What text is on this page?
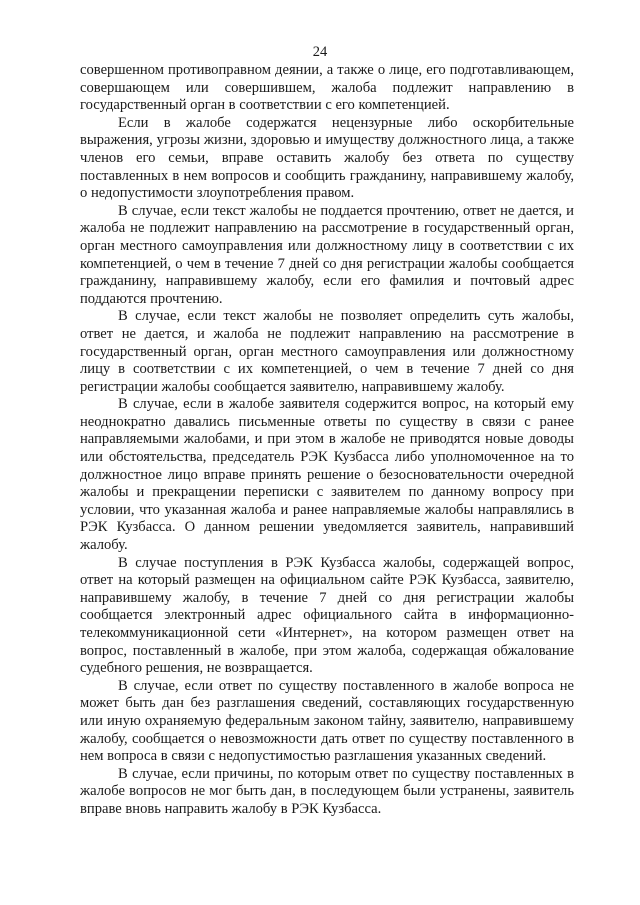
24

совершенном противоправном деянии, а также о лице, его подготавливающем, совершающем или совершившем, жалоба подлежит направлению в государственный орган в соответствии с его компетенцией.

Если в жалобе содержатся нецензурные либо оскорбительные выражения, угрозы жизни, здоровью и имуществу должностного лица, а также членов его семьи, вправе оставить жалобу без ответа по существу поставленных в нем вопросов и сообщить гражданину, направившему жалобу, о недопустимости злоупотребления правом.

В случае, если текст жалобы не поддается прочтению, ответ не дается, и жалоба не подлежит направлению на рассмотрение в государственный орган, орган местного самоуправления или должностному лицу в соответствии с их компетенцией, о чем в течение 7 дней со дня регистрации жалобы сообщается гражданину, направившему жалобу, если его фамилия и почтовый адрес поддаются прочтению.

В случае, если текст жалобы не позволяет определить суть жалобы, ответ не дается, и жалоба не подлежит направлению на рассмотрение в государственный орган, орган местного самоуправления или должностному лицу в соответствии с их компетенцией, о чем в течение 7 дней со дня регистрации жалобы сообщается заявителю, направившему жалобу.

В случае, если в жалобе заявителя содержится вопрос, на который ему неоднократно давались письменные ответы по существу в связи с ранее направляемыми жалобами, и при этом в жалобе не приводятся новые доводы или обстоятельства, председатель РЭК Кузбасса либо уполномоченное на то должностное лицо вправе принять решение о безосновательности очередной жалобы и прекращении переписки с заявителем по данному вопросу при условии, что указанная жалоба и ранее направляемые жалобы направлялись в РЭК Кузбасса. О данном решении уведомляется заявитель, направивший жалобу.

В случае поступления в РЭК Кузбасса жалобы, содержащей вопрос, ответ на который размещен на официальном сайте РЭК Кузбасса, заявителю, направившему жалобу, в течение 7 дней со дня регистрации жалобы сообщается электронный адрес официального сайта в информационно-телекоммуникационной сети «Интернет», на котором размещен ответ на вопрос, поставленный в жалобе, при этом жалоба, содержащая обжалование судебного решения, не возвращается.

В случае, если ответ по существу поставленного в жалобе вопроса не может быть дан без разглашения сведений, составляющих государственную или иную охраняемую федеральным законом тайну, заявителю, направившему жалобу, сообщается о невозможности дать ответ по существу поставленного в нем вопроса в связи с недопустимостью разглашения указанных сведений.

В случае, если причины, по которым ответ по существу поставленных в жалобе вопросов не мог быть дан, в последующем были устранены, заявитель вправе вновь направить жалобу в РЭК Кузбасса.
